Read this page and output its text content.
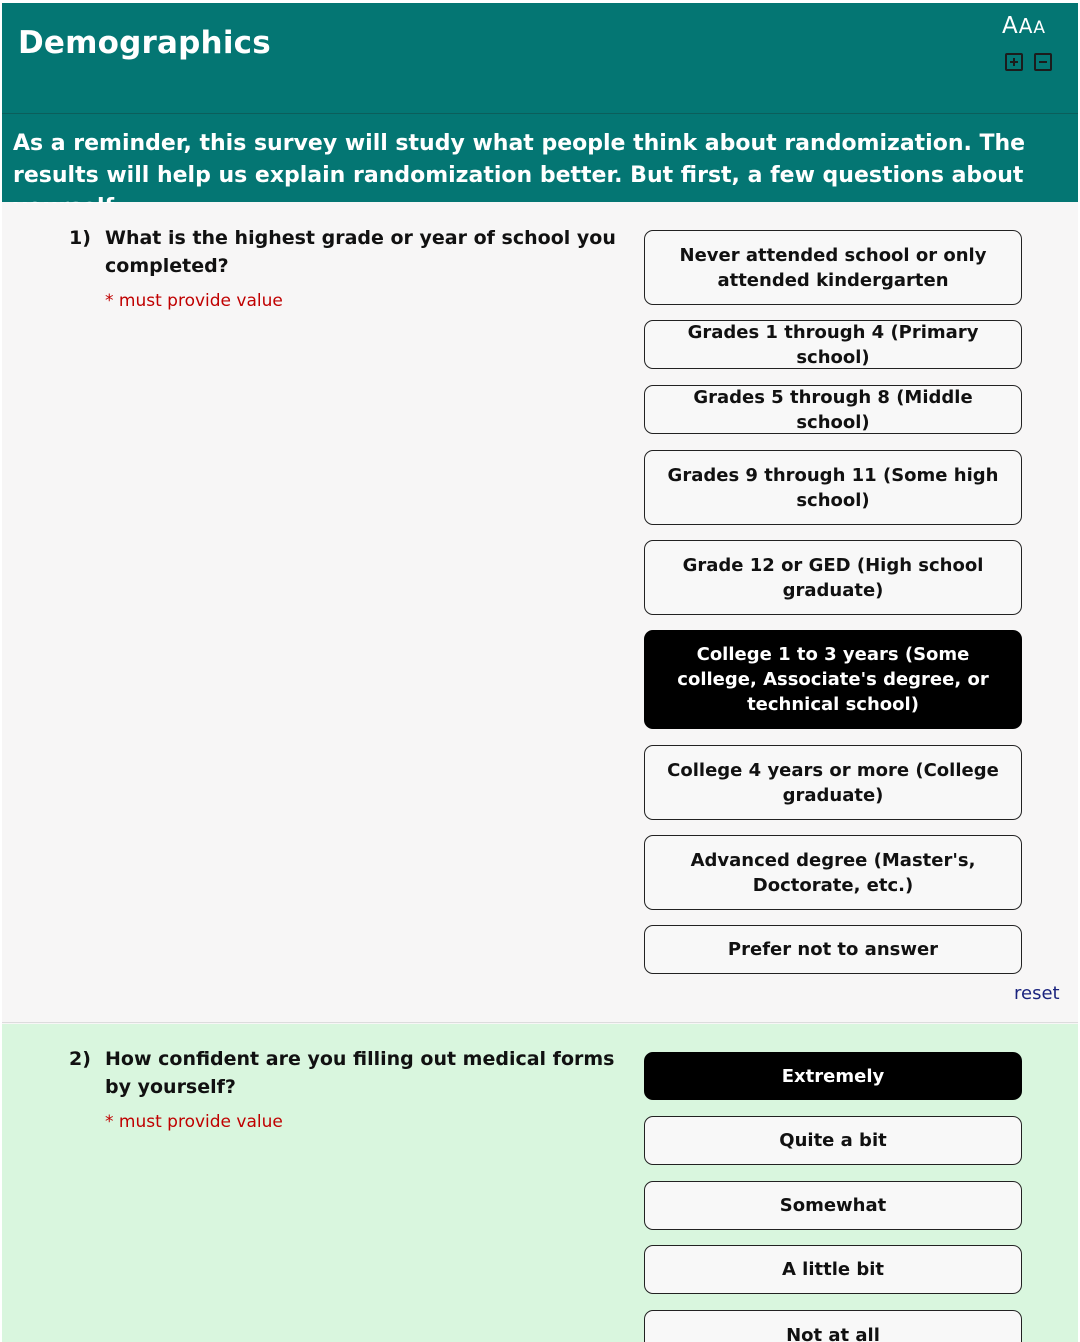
Demographics	AAA
As a reminder, this survey will study what people think about randomization. The results will help us explain randomization better. But first, a few questions about
1) What is the highest grade or year of school you completed?
* must provide value
Never attended school or only attended kindergarten
Grades 1 through 4 (Primary school)
Grades 5 through 8 (Middle school)
Grades 9 through 11 (Some high school)
Grade 12 or GED (High school graduate)
College 1 to 3 years (Some college, Associate's degree, or technical school)
College 4 years or more (College graduate)
Advanced degree (Master's, Doctorate, etc.)
Prefer not to answer
reset
2) How confident are you filling out medical forms by yourself?
* must provide value
Extremely
Quite a bit
Somewhat
A little bit
Not at all
